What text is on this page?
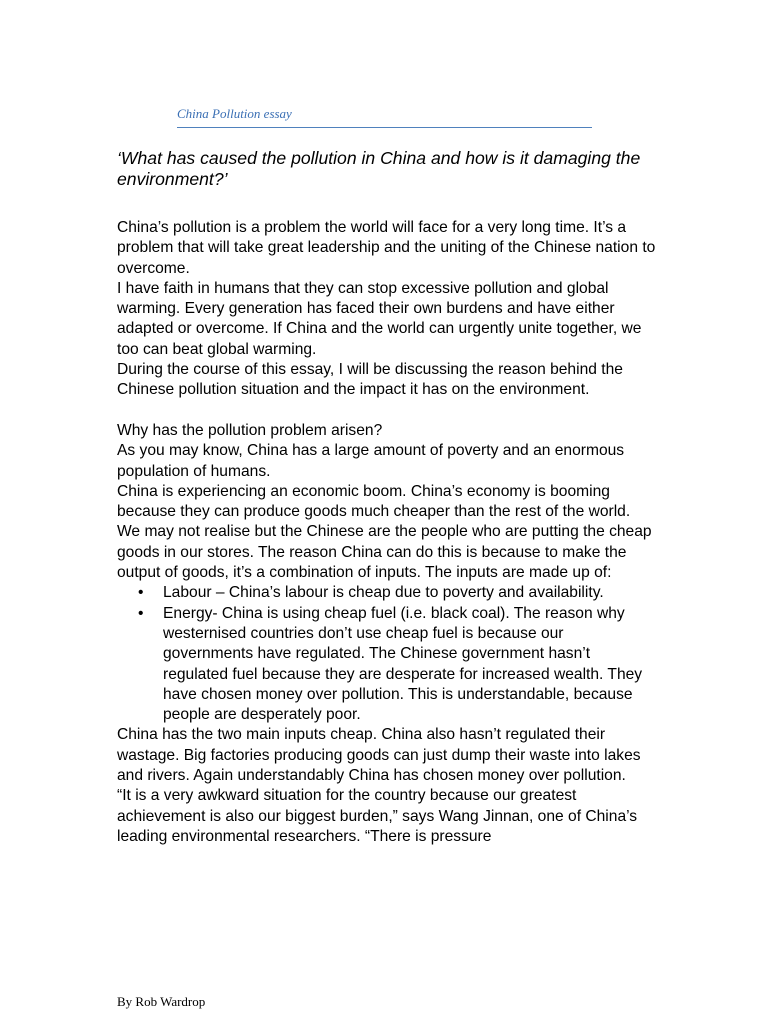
China Pollution essay
‘What has caused the pollution in China and how is it damaging the environment?’

China’s pollution is a problem the world will face for a very long time. It’s a problem that will take great leadership and the uniting of the Chinese nation to overcome.

I have faith in humans that they can stop excessive pollution and global warming. Every generation has faced their own burdens and have either adapted or overcome. If China and the world can urgently unite together, we too can beat global warming.

During the course of this essay, I will be discussing the reason behind the Chinese pollution situation and the impact it has on the environment.

Why has the pollution problem arisen?

As you may know, China has a large amount of poverty and an enormous population of humans.

China is experiencing an economic boom. China’s economy is booming because they can produce goods much cheaper than the rest of the world. We may not realise but the Chinese are the people who are putting the cheap goods in our stores. The reason China can do this is because to make the output of goods, it’s a combination of inputs. The inputs are made up of:

• Labour – China’s labour is cheap due to poverty and availability.
• Energy- China is using cheap fuel (i.e. black coal). The reason why westernised countries don’t use cheap fuel is because our governments have regulated. The Chinese government hasn’t regulated fuel because they are desperate for increased wealth. They have chosen money over pollution. This is understandable, because people are desperately poor.

China has the two main inputs cheap. China also hasn’t regulated their wastage. Big factories producing goods can just dump their waste into lakes and rivers. Again understandably China has chosen money over pollution.

“It is a very awkward situation for the country because our greatest achievement is also our biggest burden,” says Wang Jinnan, one of China’s leading environmental researchers. “There is pressure

By Rob Wardrop
